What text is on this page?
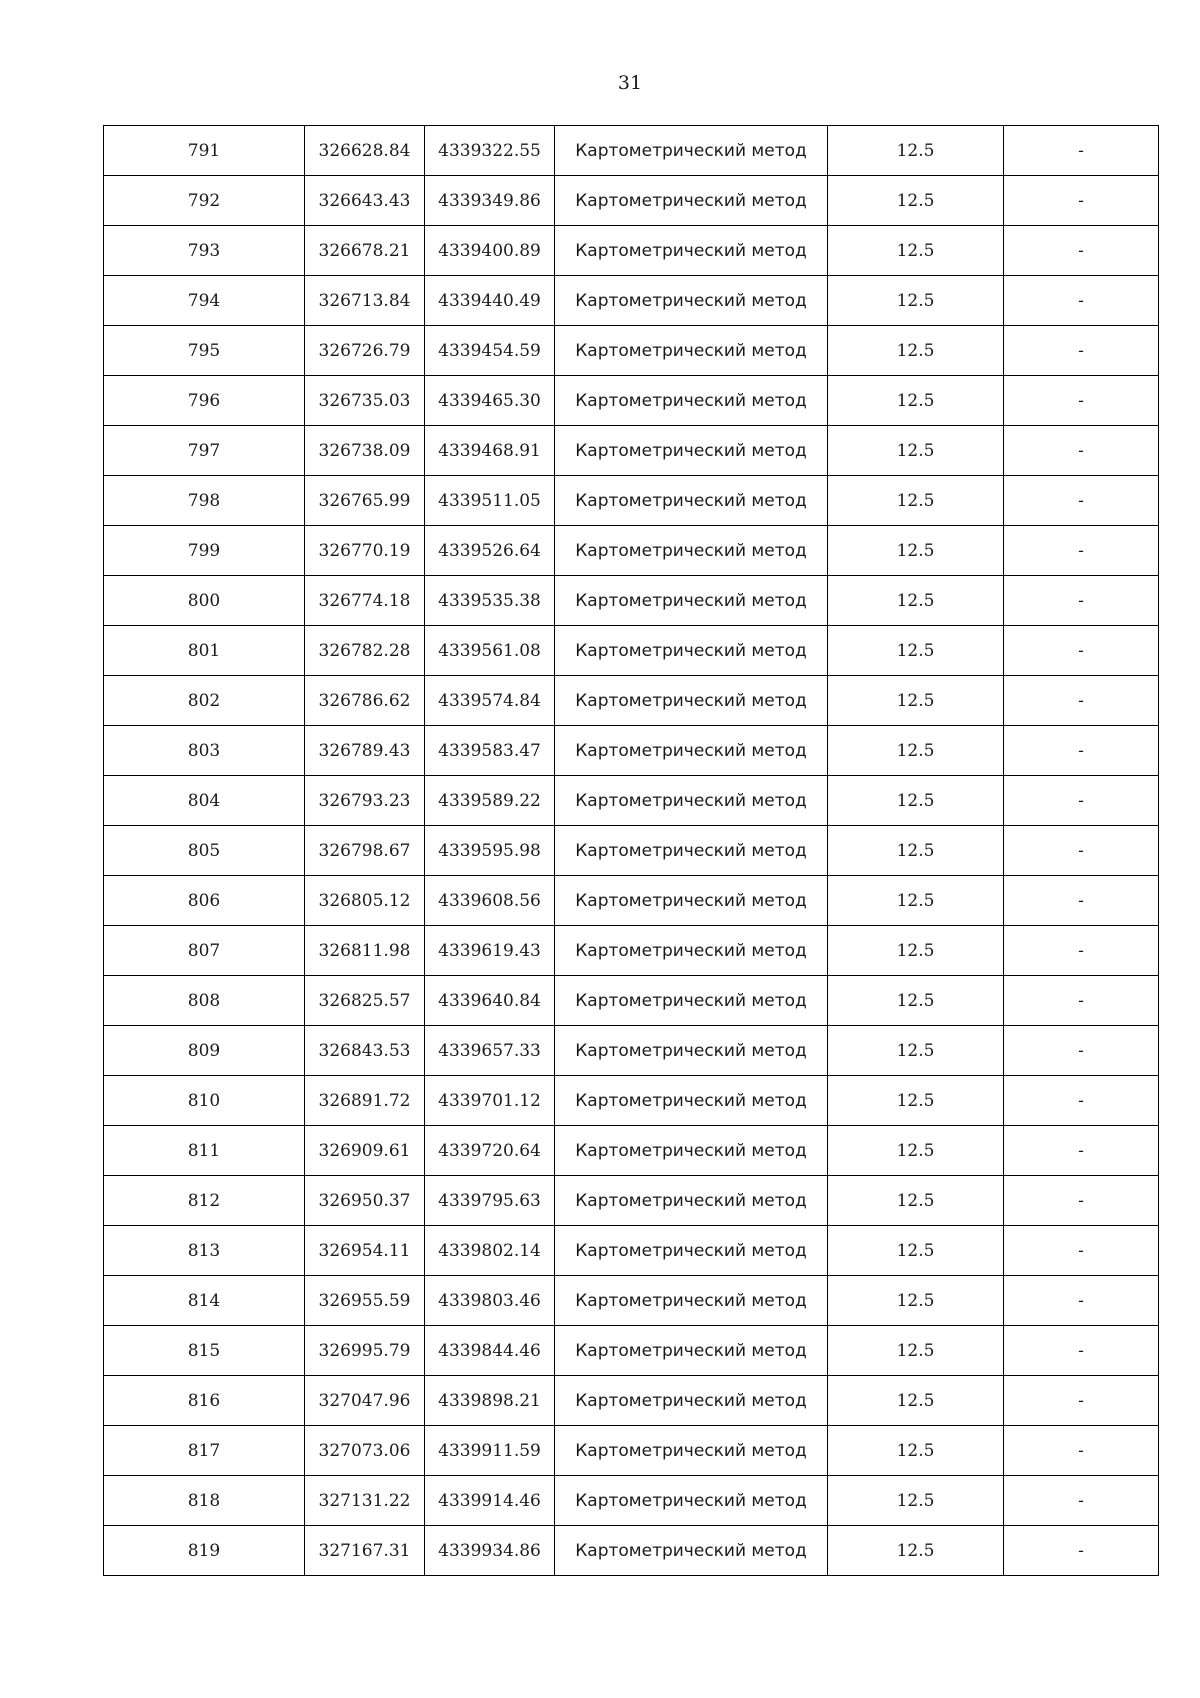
31
791	326628.84	4339322.55	Картометрический метод	12.5	-
792	326643.43	4339349.86	Картометрический метод	12.5	-
793	326678.21	4339400.89	Картометрический метод	12.5	-
794	326713.84	4339440.49	Картометрический метод	12.5	-
795	326726.79	4339454.59	Картометрический метод	12.5	-
796	326735.03	4339465.30	Картометрический метод	12.5	-
797	326738.09	4339468.91	Картометрический метод	12.5	-
798	326765.99	4339511.05	Картометрический метод	12.5	-
799	326770.19	4339526.64	Картометрический метод	12.5	-
800	326774.18	4339535.38	Картометрический метод	12.5	-
801	326782.28	4339561.08	Картометрический метод	12.5	-
802	326786.62	4339574.84	Картометрический метод	12.5	-
803	326789.43	4339583.47	Картометрический метод	12.5	-
804	326793.23	4339589.22	Картометрический метод	12.5	-
805	326798.67	4339595.98	Картометрический метод	12.5	-
806	326805.12	4339608.56	Картометрический метод	12.5	-
807	326811.98	4339619.43	Картометрический метод	12.5	-
808	326825.57	4339640.84	Картометрический метод	12.5	-
809	326843.53	4339657.33	Картометрический метод	12.5	-
810	326891.72	4339701.12	Картометрический метод	12.5	-
811	326909.61	4339720.64	Картометрический метод	12.5	-
812	326950.37	4339795.63	Картометрический метод	12.5	-
813	326954.11	4339802.14	Картометрический метод	12.5	-
814	326955.59	4339803.46	Картометрический метод	12.5	-
815	326995.79	4339844.46	Картометрический метод	12.5	-
816	327047.96	4339898.21	Картометрический метод	12.5	-
817	327073.06	4339911.59	Картометрический метод	12.5	-
818	327131.22	4339914.46	Картометрический метод	12.5	-
819	327167.31	4339934.86	Картометрический метод	12.5	-
